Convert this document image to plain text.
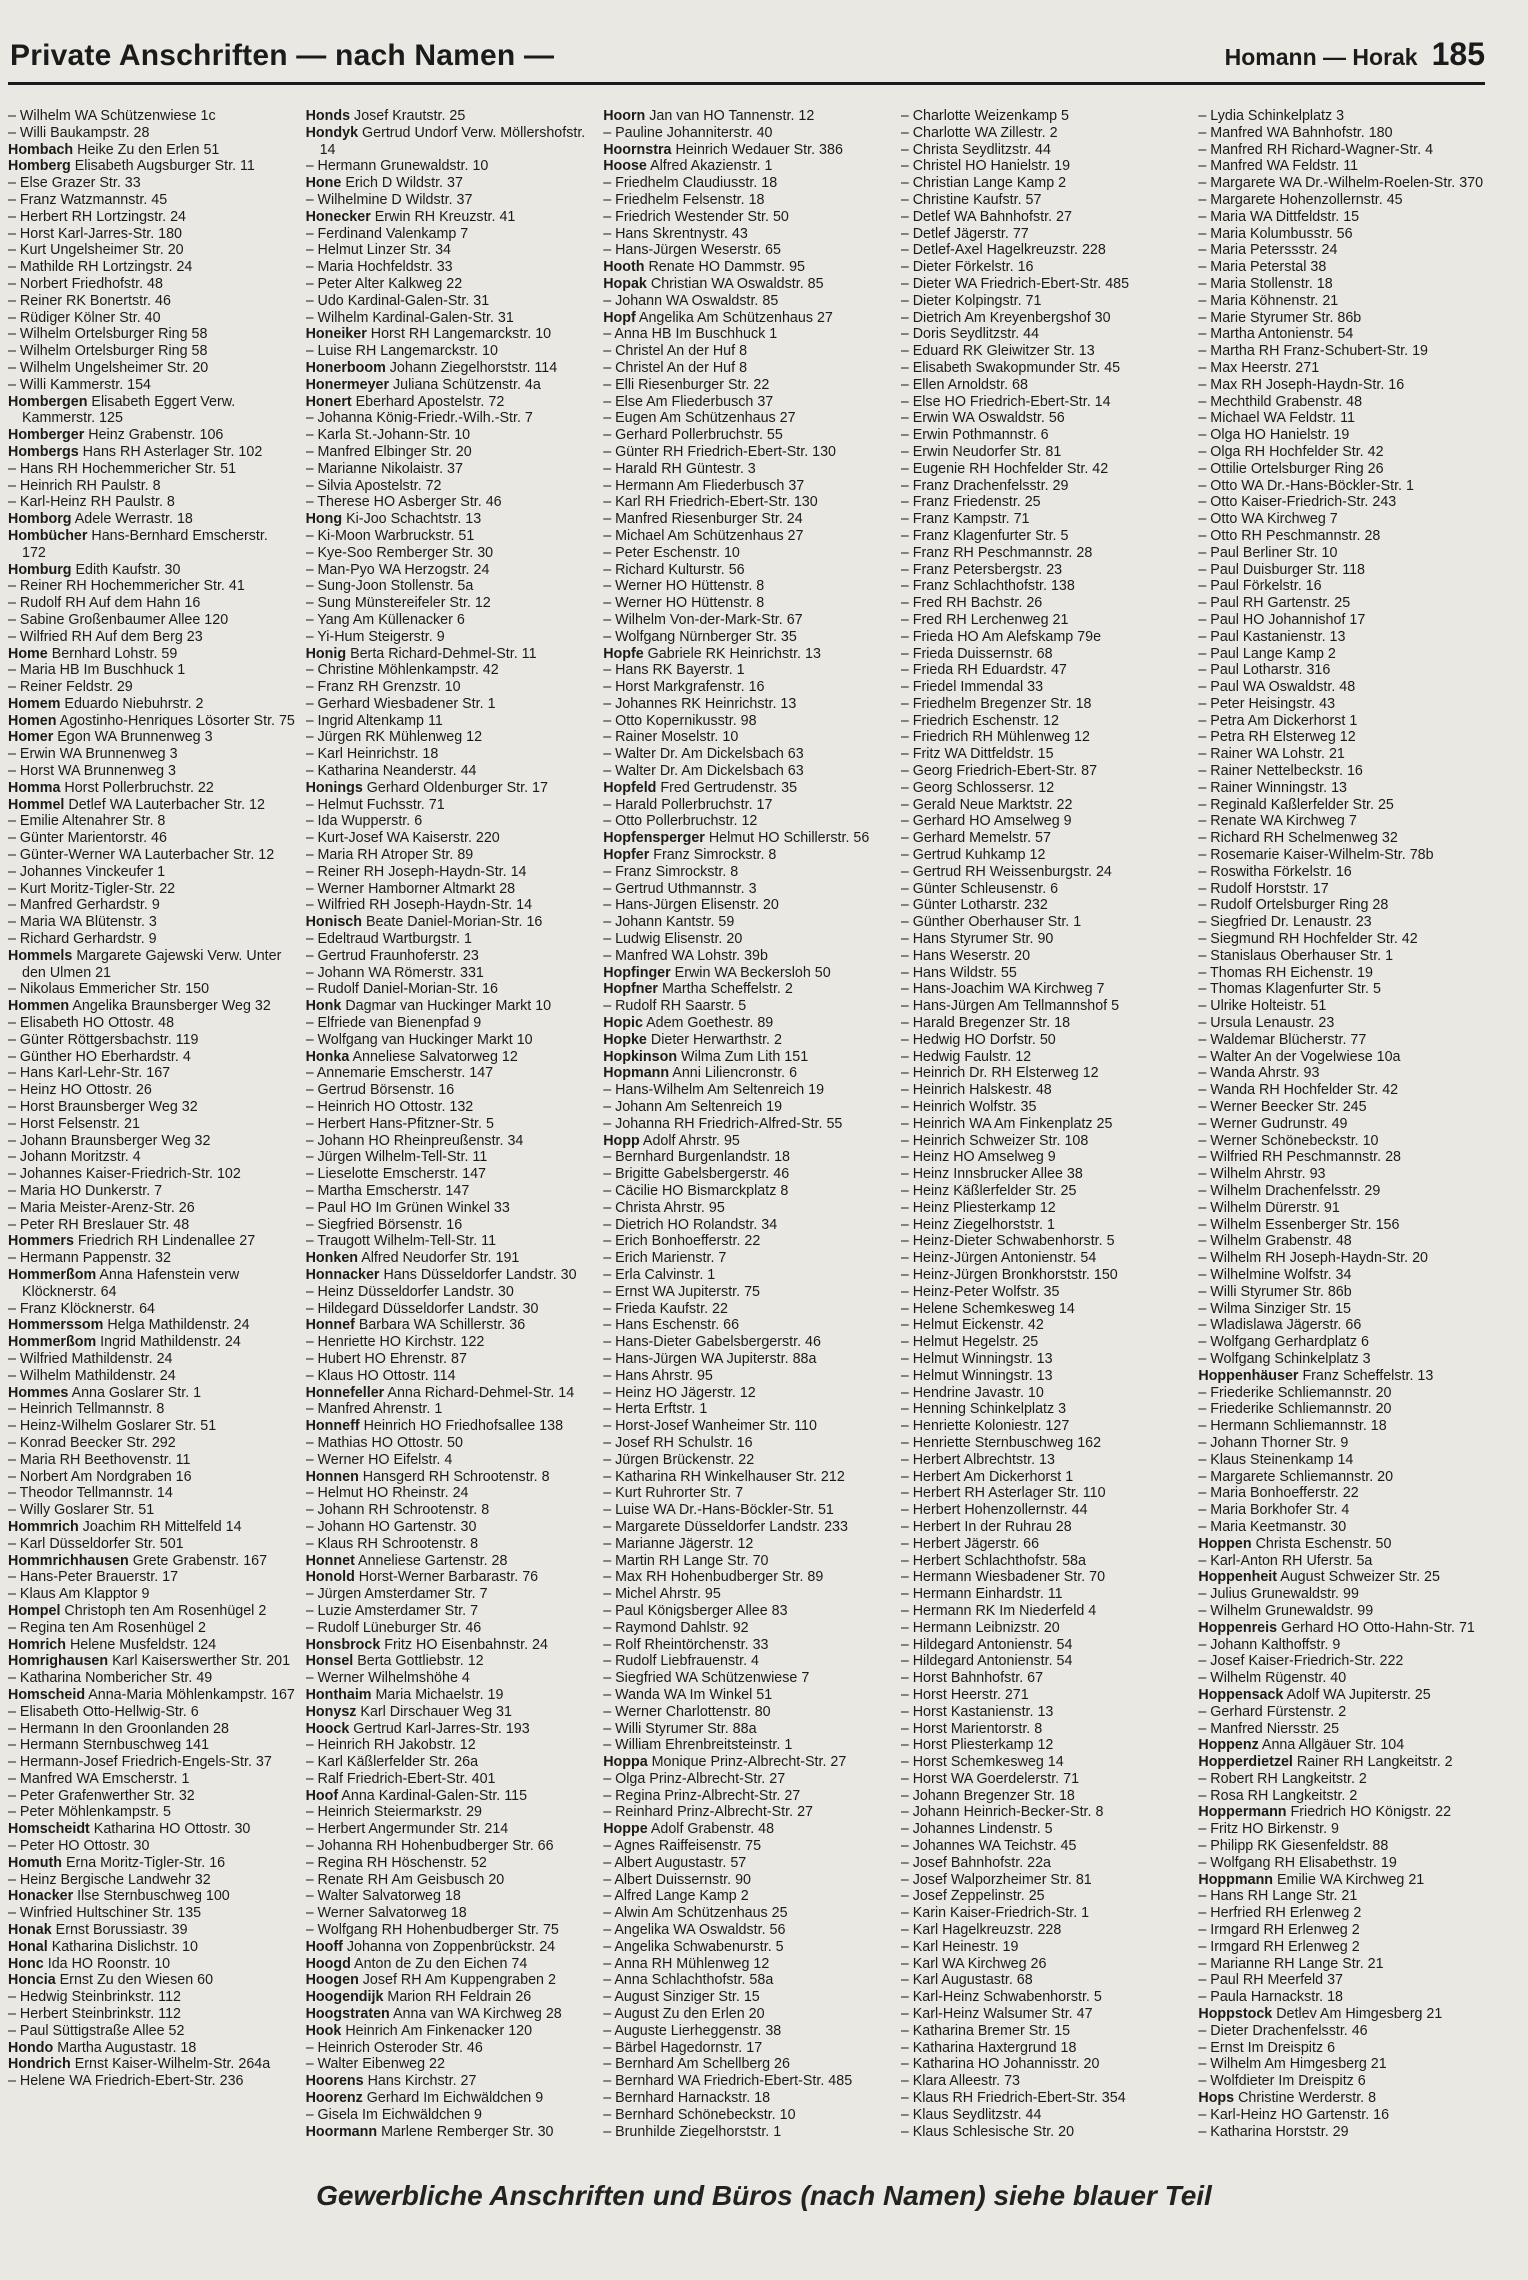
Private Anschriften — nach Namen —	Homann — Horak 185
– Wilhelm WA Schützenwiese 1c
– Willi Baukampstr. 28
Hombach Heike Zu den Erlen 51
Homberg Elisabeth Augsburger Str. 11
– Else Grazer Str. 33
– Franz Watzmannstr. 45
– Herbert RH Lortzingstr. 24
– Horst Karl-Jarres-Str. 180
– Kurt Ungelsheimer Str. 20
– Mathilde RH Lortzingstr. 24
– Norbert Friedhofstr. 48
– Reiner RK Bonertstr. 46
– Rüdiger Kölner Str. 40
– Wilhelm Ortelsburger Ring 58
– Wilhelm Ortelsburger Ring 58
– Wilhelm Ungelsheimer Str. 20
– Willi Kammerstr. 154
Hombergen Elisabeth Eggert Verw. Kammerstr. 125
Homberger Heinz Grabenstr. 106
Hombergs Hans RH Asterlager Str. 102
– Hans RH Hochemmericher Str. 51
– Heinrich RH Paulstr. 8
– Karl-Heinz RH Paulstr. 8
Homborg Adele Werrastr. 18
Hombücher Hans-Bernhard Emscherstr. 172
Homburg Edith Kaufstr. 30
– Reiner RH Hochemmericher Str. 41
– Rudolf RH Auf dem Hahn 16
– Sabine Großenbaumer Allee 120
– Wilfried RH Auf dem Berg 23
Home Bernhard Lohstr. 59
– Maria HB Im Buschhuck 1
– Reiner Feldstr. 29
Homem Eduardo Niebuhrstr. 2
Homen Agostinho-Henriques Lösorter Str. 75
Homer Egon WA Brunnenweg 3
– Erwin WA Brunnenweg 3
– Horst WA Brunnenweg 3
Homma Horst Pollerbruchstr. 22
Hommel Detlef WA Lauterbacher Str. 12
– Emilie Altenahrer Str. 8
– Günter Marientorstr. 46
– Günter-Werner WA Lauterbacher Str. 12
– Johannes Vinckeufer 1
– Kurt Moritz-Tigler-Str. 22
– Manfred Gerhardstr. 9
– Maria WA Blütenstr. 3
– Richard Gerhardstr. 9
Hommels Margarete Gajewski Verw. Unter den Ulmen 21
– Nikolaus Emmericher Str. 150
Hommen Angelika Braunsberger Weg 32
– Elisabeth HO Ottostr. 48
– Günter Röttgersbachstr. 119
– Günther HO Eberhardstr. 4
– Hans Karl-Lehr-Str. 167
– Heinz HO Ottostr. 26
– Horst Braunsberger Weg 32
– Horst Felsenstr. 21
– Johann Braunsberger Weg 32
– Johann Moritzstr. 4
– Johannes Kaiser-Friedrich-Str. 102
– Maria HO Dunkerstr. 7
– Maria Meister-Arenz-Str. 26
– Peter RH Breslauer Str. 48
Hommers Friedrich RH Lindenallee 27
– Hermann Pappenstr. 32
Hommerßom Anna Hafenstein verw Klöcknerstr. 64
– Franz Klöcknerstr. 64
Hommerssom Helga Mathildenstr. 24
Hommerßom Ingrid Mathildenstr. 24
– Wilfried Mathildenstr. 24
– Wilhelm Mathildenstr. 24
Hommes Anna Goslarer Str. 1
– Heinrich Tellmannstr. 8
– Heinz-Wilhelm Goslarer Str. 51
– Konrad Beecker Str. 292
– Maria RH Beethovenstr. 11
– Norbert Am Nordgraben 16
– Theodor Tellmannstr. 14
– Willy Goslarer Str. 51
Hommrich Joachim RH Mittelfeld 14
– Karl Düsseldorfer Str. 501
Hommrichhausen Grete Grabenstr. 167
– Hans-Peter Brauerstr. 17
– Klaus Am Klapptor 9
Hompel Christoph ten Am Rosenhügel 2
– Regina ten Am Rosenhügel 2
Homrich Helene Musfeldstr. 124
Homrighausen Karl Kaiserswerther Str. 201
– Katharina Nombericher Str. 49
Homscheid Anna-Maria Möhlenkampstr. 167
– Elisabeth Otto-Hellwig-Str. 6
– Hermann In den Groonlanden 28
– Hermann Sternbuschweg 141
– Hermann-Josef Friedrich-Engels-Str. 37
– Manfred WA Emscherstr. 1
– Peter Grafenwerther Str. 32
– Peter Möhlenkampstr. 5
Homscheidt Katharina HO Ottostr. 30
– Peter HO Ottostr. 30
Homuth Erna Moritz-Tigler-Str. 16
– Heinz Bergische Landwehr 32
Honacker Ilse Sternbuschweg 100
– Winfried Hultschiner Str. 135
Honak Ernst Borussiastr. 39
Honal Katharina Dislichstr. 10
Honc Ida HO Roonstr. 10
Honcia Ernst Zu den Wiesen 60
– Hedwig Steinbrinkstr. 112
– Herbert Steinbrinkstr. 112
– Paul Süttigstraße Allee 52
Hondo Martha Augustastr. 18
Hondrich Ernst Kaiser-Wilhelm-Str. 264a
– Helene WA Friedrich-Ebert-Str. 236
Honds Josef Krautstr. 25
Hondyk Gertrud Undorf Verw. Möllershofstr. 14
– Hermann Grunewaldstr. 10
Hone Erich D Wildstr. 37
– Wilhelmine D Wildstr. 37
Honecker Erwin RH Kreuzstr. 41
– Ferdinand Valenkamp 7
– Helmut Linzer Str. 34
– Maria Hochfeldstr. 33
– Peter Alter Kalkweg 22
– Udo Kardinal-Galen-Str. 31
– Wilhelm Kardinal-Galen-Str. 31
Honeiker Horst RH Langemarckstr. 10
– Luise RH Langemarckstr. 10
Honerboom Johann Ziegelhorststr. 114
Honermeyer Juliana Schützenstr. 4a
Honert Eberhard Apostelstr. 72
– Johanna König-Friedr.-Wilh.-Str. 7
– Karla St.-Johann-Str. 10
– Manfred Elbinger Str. 20
– Marianne Nikolaistr. 37
– Silvia Apostelstr. 72
– Therese HO Asberger Str. 46
Hong Ki-Joo Schachtstr. 13
– Ki-Moon Warbruckstr. 51
– Kye-Soo Remberger Str. 30
– Man-Pyo WA Herzogstr. 24
– Sung-Joon Stollenstr. 5a
– Sung Münstereifeler Str. 12
– Yang Am Küllenacker 6
– Yi-Hum Steigerstr. 9
Honig Berta Richard-Dehmel-Str. 11
– Christine Möhlenkampstr. 42
– Franz RH Grenzstr. 10
– Gerhard Wiesbadener Str. 1
– Ingrid Altenkamp 11
– Jürgen RK Mühlenweg 12
– Karl Heinrichstr. 18
– Katharina Neanderstr. 44
Honings Gerhard Oldenburger Str. 17
– Helmut Fuchsstr. 71
– Ida Wupperstr. 6
– Kurt-Josef WA Kaiserstr. 220
– Maria RH Atroper Str. 89
– Reiner RH Joseph-Haydn-Str. 14
– Werner Hamborner Altmarkt 28
– Wilfried RH Joseph-Haydn-Str. 14
Honisch Beate Daniel-Morian-Str. 16
– Edeltraud Wartburgstr. 1
– Gertrud Fraunhoferstr. 23
– Johann WA Römerstr. 331
– Rudolf Daniel-Morian-Str. 16
Honk Dagmar van Huckinger Markt 10
– Elfriede van Bienenpfad 9
– Wolfgang van Huckinger Markt 10
Honka Anneliese Salvatorweg 12
– Annemarie Emscherstr. 147
– Gertrud Börsenstr. 16
– Heinrich HO Ottostr. 132
– Herbert Hans-Pfitzner-Str. 5
– Johann HO Rheinpreußenstr. 34
– Jürgen Wilhelm-Tell-Str. 11
– Lieselotte Emscherstr. 147
– Martha Emscherstr. 147
– Paul HO Im Grünen Winkel 33
– Siegfried Börsenstr. 16
– Traugott Wilhelm-Tell-Str. 11
Honken Alfred Neudorfer Str. 191
Honnacker Hans Düsseldorfer Landstr. 30
– Heinz Düsseldorfer Landstr. 30
– Hildegard Düsseldorfer Landstr. 30
Honnef Barbara WA Schillerstr. 36
– Henriette HO Kirchstr. 122
– Hubert HO Ehrenstr. 87
– Klaus HO Ottostr. 114
Honnefeller Anna Richard-Dehmel-Str. 14
– Manfred Ahrenstr. 1
Honneff Heinrich HO Friedhofsallee 138
– Mathias HO Ottostr. 50
– Werner HO Eifelstr. 4
Honnen Hansgerd RH Schrootenstr. 8
– Helmut HO Rheinstr. 24
– Johann RH Schrootenstr. 8
– Johann HO Gartenstr. 30
– Klaus RH Schrootenstr. 8
Honnet Anneliese Gartenstr. 28
Honold Horst-Werner Barbarastr. 76
– Jürgen Amsterdamer Str. 7
– Luzie Amsterdamer Str. 7
– Rudolf Lüneburger Str. 46
Honsbrock Fritz HO Eisenbahnstr. 24
Honsel Berta Gottliebstr. 12
– Werner Wilhelmshöhe 4
Honthaim Maria Michaelstr. 19
Honysz Karl Dirschauer Weg 31
Hoock Gertrud Karl-Jarres-Str. 193
– Heinrich RH Jakobstr. 12
– Karl Käßlerfelder Str. 26a
– Ralf Friedrich-Ebert-Str. 401
Hoof Anna Kardinal-Galen-Str. 115
– Heinrich Steiermarkstr. 29
– Herbert Angermunder Str. 214
– Johanna RH Hohenbudberger Str. 66
– Regina RH Höschenstr. 52
– Renate RH Am Geisbusch 20
– Walter Salvatorweg 18
– Werner Salvatorweg 18
– Wolfgang RH Hohenbudberger Str. 75
Hooff Johanna von Zoppenbrückstr. 24
Hoogd Anton de Zu den Eichen 74
Hoogen Josef RH Am Kuppengraben 2
Hoogendijk Marion RH Feldrain 26
Hoogstraten Anna van WA Kirchweg 28
Hook Heinrich Am Finkenacker 120
– Heinrich Osteroder Str. 46
– Walter Eibenweg 22
Hoorens Hans Kirchstr. 27
Hoorenz Gerhard Im Eichwäldchen 9
– Gisela Im Eichwäldchen 9
Hoormann Marlene Remberger Str. 30
Hoorn Jan van HO Tannenstr. 12
– Pauline Johanniterstr. 40
Hoornstra Heinrich Wedauer Str. 386
Hoose Alfred Akazienstr. 1
– Friedhelm Claudiusstr. 18
– Friedhelm Felsenstr. 18
– Friedrich Westender Str. 50
– Hans Skrentnystr. 43
– Hans-Jürgen Weserstr. 65
Hooth Renate HO Dammstr. 95
Hopak Christian WA Oswaldstr. 85
– Johann WA Oswaldstr. 85
Hopf Angelika Am Schützenhaus 27
– Anna HB Im Buschhuck 1
– Christel An der Huf 8
– Christel An der Huf 8
– Elli Riesenburger Str. 22
– Else Am Fliederbusch 37
– Eugen Am Schützenhaus 27
– Gerhard Pollerbruchstr. 55
– Günter RH Friedrich-Ebert-Str. 130
– Harald RH Güntestr. 3
– Hermann Am Fliederbusch 37
– Karl RH Friedrich-Ebert-Str. 130
– Manfred Riesenburger Str. 24
– Michael Am Schützenhaus 27
– Peter Eschenstr. 10
– Richard Kulturstr. 56
– Werner HO Hüttenstr. 8
– Werner HO Hüttenstr. 8
– Wilhelm Von-der-Mark-Str. 67
– Wolfgang Nürnberger Str. 35
Hopfe Gabriele RK Heinrichstr. 13
– Hans RK Bayerstr. 1
– Horst Markgrafenstr. 16
– Johannes RK Heinrichstr. 13
– Otto Kopernikusstr. 98
– Rainer Moselstr. 10
– Walter Dr. Am Dickelsbach 63
– Walter Dr. Am Dickelsbach 63
Hopfeld Fred Gertrudenstr. 35
– Harald Pollerbruchstr. 17
– Otto Pollerbruchstr. 12
Hopfensperger Helmut HO Schillerstr. 56
Hopfer Franz Simrockstr. 8
– Franz Simrockstr. 8
– Gertrud Uthmannstr. 3
– Hans-Jürgen Elisenstr. 20
– Johann Kantstr. 59
– Ludwig Elisenstr. 20
– Manfred WA Lohstr. 39b
Hopfinger Erwin WA Beckersloh 50
Hopfner Martha Scheffelstr. 2
– Rudolf RH Saarstr. 5
Hopic Adem Goethestr. 89
Hopke Dieter Herwarthstr. 2
Hopkinson Wilma Zum Lith 151
Hopmann Anni Liliencronstr. 6
– Hans-Wilhelm Am Seltenreich 19
– Johann Am Seltenreich 19
– Johanna RH Friedrich-Alfred-Str. 55
Hopp Adolf Ahrstr. 95
– Bernhard Burgenlandstr. 18
– Brigitte Gabelsbergerstr. 46
– Cäcilie HO Bismarckplatz 8
– Christa Ahrstr. 95
– Dietrich HO Rolandstr. 34
– Erich Bonhoefferstr. 22
– Erich Marienstr. 7
– Erla Calvinstr. 1
– Ernst WA Jupiterstr. 75
– Frieda Kaufstr. 22
– Hans Eschenstr. 66
– Hans-Dieter Gabelsbergerstr. 46
– Hans-Jürgen WA Jupiterstr. 88a
– Hans Ahrstr. 95
– Heinz HO Jägerstr. 12
– Herta Erftstr. 1
– Horst-Josef Wanheimer Str. 110
– Josef RH Schulstr. 16
– Jürgen Brückenstr. 22
– Katharina RH Winkelhauser Str. 212
– Kurt Ruhrorter Str. 7
– Luise WA Dr.-Hans-Böckler-Str. 51
– Margarete Düsseldorfer Landstr. 233
– Marianne Jägerstr. 12
– Martin RH Lange Str. 70
– Max RH Hohenbudberger Str. 89
– Michel Ahrstr. 95
– Paul Königsberger Allee 83
– Raymond Dahlstr. 92
– Rolf Rheintörchenstr. 33
– Rudolf Liebfrauenstr. 4
– Siegfried WA Schützenwiese 7
– Wanda WA Im Winkel 51
– Werner Charlottenstr. 80
– Willi Styrumer Str. 88a
– William Ehrenbreitsteinstr. 1
Hoppa Monique Prinz-Albrecht-Str. 27
– Olga Prinz-Albrecht-Str. 27
– Regina Prinz-Albrecht-Str. 27
– Reinhard Prinz-Albrecht-Str. 27
Hoppe Adolf Grabenstr. 48
– Agnes Raiffeisenstr. 75
– Albert Augustastr. 57
– Albert Duissernstr. 90
– Alfred Lange Kamp 2
– Alwin Am Schützenhaus 25
– Angelika WA Oswaldstr. 56
– Angelika Schwabenurstr. 5
– Anna RH Mühlenweg 12
– Anna Schlachthofstr. 58a
– August Sinziger Str. 15
– August Zu den Erlen 20
– Auguste Lierheggenstr. 38
– Bärbel Hagedornstr. 17
– Bernhard Am Schellberg 26
– Bernhard WA Friedrich-Ebert-Str. 485
– Bernhard Harnackstr. 18
– Bernhard Schönebeckstr. 10
– Brunhilde Ziegelhorststr. 1
– Charlotte Weizenkamp 5
– Charlotte WA Zillestr. 2
– Christa Seydlitzstr. 44
– Christel HO Hanielstr. 19
– Christian Lange Kamp 2
– Christine Kaufstr. 57
– Detlef WA Bahnhofstr. 27
– Detlef Jägerstr. 77
– Detlef-Axel Hagelkreuzstr. 228
– Dieter Förkelstr. 16
– Dieter WA Friedrich-Ebert-Str. 485
– Dieter Kolpingstr. 71
– Dietrich Am Kreyenbergshof 30
– Doris Seydlitzstr. 44
– Eduard RK Gleiwitzer Str. 13
– Elisabeth Swakopmunder Str. 45
– Ellen Arnoldstr. 68
– Else HO Friedrich-Ebert-Str. 14
– Erwin WA Oswaldstr. 56
– Erwin Pothmannstr. 6
– Erwin Neudorfer Str. 81
– Eugenie RH Hochfelder Str. 42
– Franz Drachenfelsstr. 29
– Franz Friedenstr. 25
– Franz Kampstr. 71
– Franz Klagenfurter Str. 5
– Franz RH Peschmannstr. 28
– Franz Petersbergstr. 23
– Franz Schlachthofstr. 138
– Fred RH Bachstr. 26
– Fred RH Lerchenweg 21
– Frieda HO Am Alefskamp 79e
– Frieda Duissernstr. 68
– Frieda RH Eduardstr. 47
– Friedel Immendal 33
– Friedhelm Bregenzer Str. 18
– Friedrich Eschenstr. 12
– Friedrich RH Mühlenweg 12
– Fritz WA Dittfeldstr. 15
– Georg Friedrich-Ebert-Str. 87
– Georg Schlossersr. 12
– Gerald Neue Marktstr. 22
– Gerhard HO Amselweg 9
– Gerhard Memelstr. 57
– Gertrud Kuhkamp 12
– Gertrud RH Weissenburgstr. 24
– Günter Schleusenstr. 6
– Günter Lotharstr. 232
– Günther Oberhauser Str. 1
– Hans Styrumer Str. 90
– Hans Weserstr. 20
– Hans Wildstr. 55
– Hans-Joachim WA Kirchweg 7
– Hans-Jürgen Am Tellmannshof 5
– Harald Bregenzer Str. 18
– Hedwig HO Dorfstr. 50
– Hedwig Faulstr. 12
– Heinrich Dr. RH Elsterweg 12
– Heinrich Halskestr. 48
– Heinrich Wolfstr. 35
– Heinrich WA Am Finkenplatz 25
– Heinrich Schweizer Str. 108
– Heinz HO Amselweg 9
– Heinz Innsbrucker Allee 38
– Heinz Käßlerfelder Str. 25
– Heinz Pliesterkamp 12
– Heinz Ziegelhorststr. 1
– Heinz-Dieter Schwabenhorstr. 5
– Heinz-Jürgen Antonienstr. 54
– Heinz-Jürgen Bronkhorststr. 150
– Heinz-Peter Wolfstr. 35
– Helene Schemkesweg 14
– Helmut Eickenstr. 42
– Helmut Hegelstr. 25
– Helmut Winningstr. 13
– Helmut Winningstr. 13
– Hendrine Javastr. 10
– Henning Schinkelplatz 3
– Henriette Koloniestr. 127
– Henriette Sternbuschweg 162
– Herbert Albrechtstr. 13
– Herbert Am Dickerhorst 1
– Herbert RH Asterlager Str. 110
– Herbert Hohenzollernstr. 44
– Herbert In der Ruhrau 28
– Herbert Jägerstr. 66
– Herbert Schlachthofstr. 58a
– Hermann Wiesbadener Str. 70
– Hermann Einhardstr. 11
– Hermann RK Im Niederfeld 4
– Hermann Leibnizstr. 20
– Hildegard Antonienstr. 54
– Hildegard Antonienstr. 54
– Horst Bahnhofstr. 67
– Horst Heerstr. 271
– Horst Kastanienstr. 13
– Horst Marientorstr. 8
– Horst Pliesterkamp 12
– Horst Schemkesweg 14
– Horst WA Goerdelerstr. 71
– Johann Bregenzer Str. 18
– Johann Heinrich-Becker-Str. 8
– Johannes Lindenstr. 5
– Johannes WA Teichstr. 45
– Josef Bahnhofstr. 22a
– Josef Walporzheimer Str. 81
– Josef Zeppelinstr. 25
– Karin Kaiser-Friedrich-Str. 1
– Karl Hagelkreuzstr. 228
– Karl Heinestr. 19
– Karl WA Kirchweg 26
– Karl Augustastr. 68
– Karl-Heinz Schwabenhorstr. 5
– Karl-Heinz Walsumer Str. 47
– Katharina Bremer Str. 15
– Katharina Haxtergrund 18
– Katharina HO Johannisstr. 20
– Klara Alleestr. 73
– Klaus RH Friedrich-Ebert-Str. 354
– Klaus Seydlitzstr. 44
– Klaus Schlesische Str. 20
– Lydia Schinkelplatz 3
– Manfred WA Bahnhofstr. 180
– Manfred RH Richard-Wagner-Str. 4
– Manfred WA Feldstr. 11
– Margarete WA Dr.-Wilhelm-Roelen-Str. 370
– Margarete Hohenzollernstr. 45
– Maria WA Dittfeldstr. 15
– Maria Kolumbusstr. 56
– Maria Peterssstr. 24
– Maria Peterstal 38
– Maria Stollenstr. 18
– Maria Köhnenstr. 21
– Marie Styrumer Str. 86b
– Martha Antonienstr. 54
– Martha RH Franz-Schubert-Str. 19
– Max Heerstr. 271
– Max RH Joseph-Haydn-Str. 16
– Mechthild Grabenstr. 48
– Michael WA Feldstr. 11
– Olga HO Hanielstr. 19
– Olga RH Hochfelder Str. 42
– Ottilie Ortelsburger Ring 26
– Otto WA Dr.-Hans-Böckler-Str. 1
– Otto Kaiser-Friedrich-Str. 243
– Otto WA Kirchweg 7
– Otto RH Peschmannstr. 28
– Paul Berliner Str. 10
– Paul Duisburger Str. 118
– Paul Förkelstr. 16
– Paul RH Gartenstr. 25
– Paul HO Johannishof 17
– Paul Kastanienstr. 13
– Paul Lange Kamp 2
– Paul Lotharstr. 316
– Paul WA Oswaldstr. 48
– Peter Heisingstr. 43
– Petra Am Dickerhorst 1
– Petra RH Elsterweg 12
– Rainer WA Lohstr. 21
– Rainer Nettelbeckstr. 16
– Rainer Winningstr. 13
– Reginald Kaßlerfelder Str. 25
– Renate WA Kirchweg 7
– Richard RH Schelmenweg 32
– Rosemarie Kaiser-Wilhelm-Str. 78b
– Roswitha Förkelstr. 16
– Rudolf Horststr. 17
– Rudolf Ortelsburger Ring 28
– Siegfried Dr. Lenaustr. 23
– Siegmund RH Hochfelder Str. 42
– Stanislaus Oberhauser Str. 1
– Thomas RH Eichenstr. 19
– Thomas Klagenfurter Str. 5
– Ulrike Holteistr. 51
– Ursula Lenaustr. 23
– Waldemar Blücherstr. 77
– Walter An der Vogelwiese 10a
– Wanda Ahrstr. 93
– Wanda RH Hochfelder Str. 42
– Werner Beecker Str. 245
– Werner Gudrunstr. 49
– Werner Schönebeckstr. 10
– Wilfried RH Peschmannstr. 28
– Wilhelm Ahrstr. 93
– Wilhelm Drachenfelsstr. 29
– Wilhelm Dürerstr. 91
– Wilhelm Essenberger Str. 156
– Wilhelm Grabenstr. 48
– Wilhelm RH Joseph-Haydn-Str. 20
– Wilhelmine Wolfstr. 34
– Willi Styrumer Str. 86b
– Wilma Sinziger Str. 15
– Wladislawa Jägerstr. 66
– Wolfgang Gerhardplatz 6
– Wolfgang Schinkelplatz 3
Hoppenhäuser Franz Scheffelstr. 13
– Friederike Schliemannstr. 20
– Friederike Schliemannstr. 20
– Hermann Schliemannstr. 18
– Johann Thorner Str. 9
– Klaus Steinenkamp 14
– Margarete Schliemannstr. 20
– Maria Bonhoefferstr. 22
– Maria Borkhofer Str. 4
– Maria Keetmanstr. 30
Hoppen Christa Eschenstr. 50
– Karl-Anton RH Uferstr. 5a
Hoppenheit August Schweizer Str. 25
– Julius Grunewaldstr. 99
– Wilhelm Grunewaldstr. 99
Hoppenreis Gerhard HO Otto-Hahn-Str. 71
– Johann Kalthoffstr. 9
– Josef Kaiser-Friedrich-Str. 222
– Wilhelm Rügenstr. 40
Hoppensack Adolf WA Jupiterstr. 25
– Gerhard Fürstenstr. 2
– Manfred Niersstr. 25
Hoppenz Anna Allgäuer Str. 104
Hopperdietzel Rainer RH Langkeitstr. 2
– Robert RH Langkeitstr. 2
– Rosa RH Langkeitstr. 2
Hoppermann Friedrich HO Königstr. 22
– Fritz HO Birkenstr. 9
– Philipp RK Giesenfeldstr. 88
– Wolfgang RH Elisabethstr. 19
Hoppmann Emilie WA Kirchweg 21
– Hans RH Lange Str. 21
– Herfried RH Erlenweg 2
– Irmgard RH Erlenweg 2
– Irmgard RH Erlenweg 2
– Marianne RH Lange Str. 21
– Paul RH Meerfeld 37
– Paula Harnackstr. 18
Hoppstock Detlev Am Himgesberg 21
– Dieter Drachenfelsstr. 46
– Ernst Im Dreispitz 6
– Wilhelm Am Himgesberg 21
– Wolfdieter Im Dreispitz 6
Hops Christine Werderstr. 8
– Karl-Heinz HO Gartenstr. 16
– Katharina Horststr. 29
Gewerbliche Anschriften und Büros (nach Namen) siehe blauer Teil
